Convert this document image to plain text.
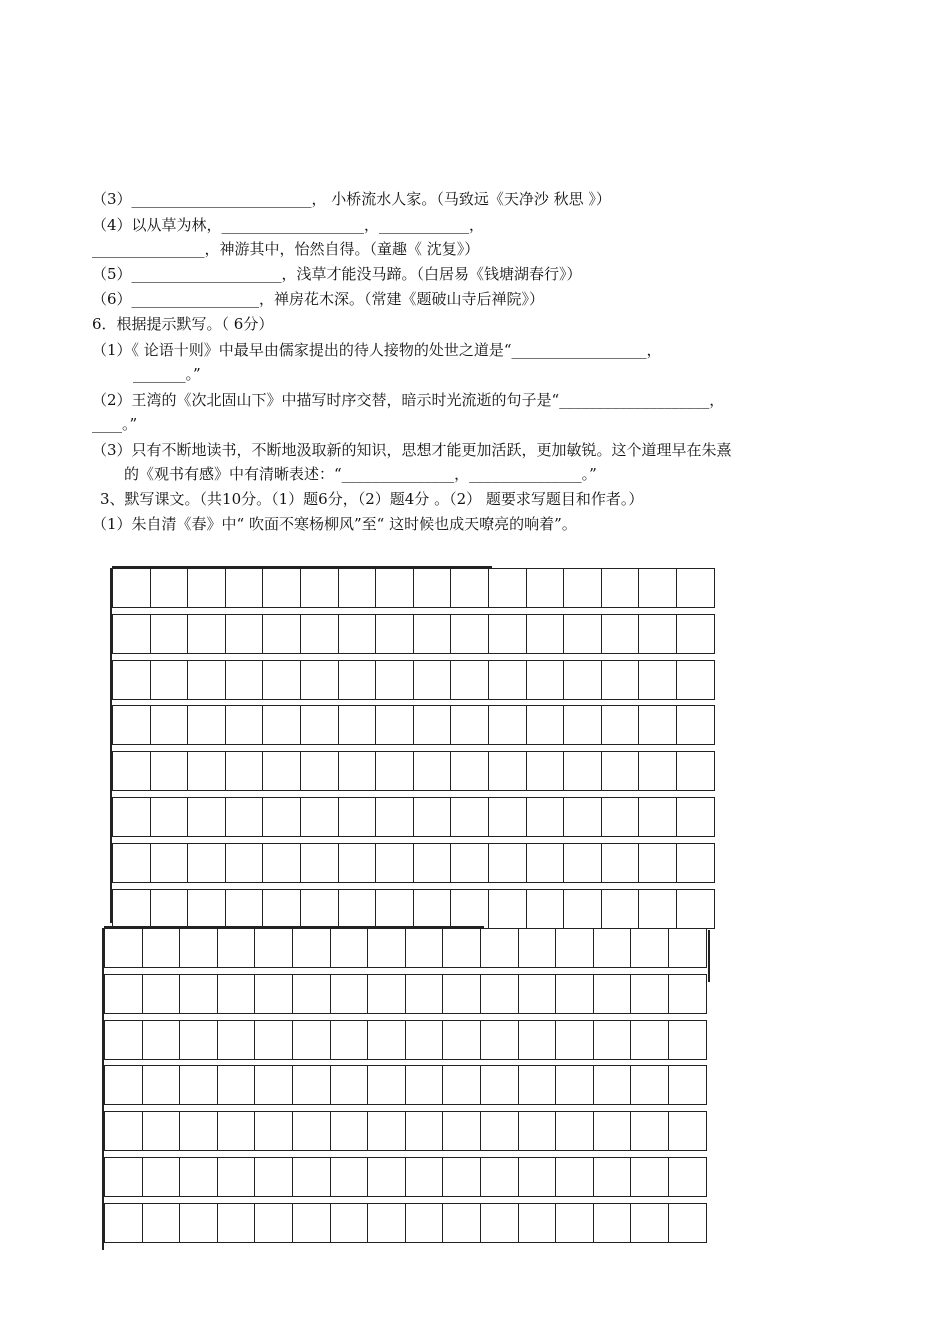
（3）________________________， 小桥流水人家。（马致远《天净沙 秋思 》）
（4）以从草为林，___________________，____________，
_______________，神游其中，怡然自得。（童趣《 沈复》）
（5）____________________，浅草才能没马蹄。（白居易《钱塘湖春行》）
（6）_________________，禅房花木深。（常建《题破山寺后禅院》）
6．根据提示默写。（ 6分）
（1）《 论语十则》中最早由儒家提出的待人接物的处世之道是“__________________，
_______。”
（2）王湾的《次北固山下》中描写时序交替，暗示时光流逝的句子是“____________________，
____。”
（3）只有不断地读书，不断地汲取新的知识，思想才能更加活跃，更加敏锐。这个道理早在朱熹
的《观书有感》中有清晰表述：“_______________，_______________。”
3、默写课文。（共10分。（1）题6分，（2）题4分 。（2） 题要求写题目和作者。）
（1）朱自清《春》中“ 吹面不寒杨柳风”至“ 这时候也成天嘹亮的响着”。
